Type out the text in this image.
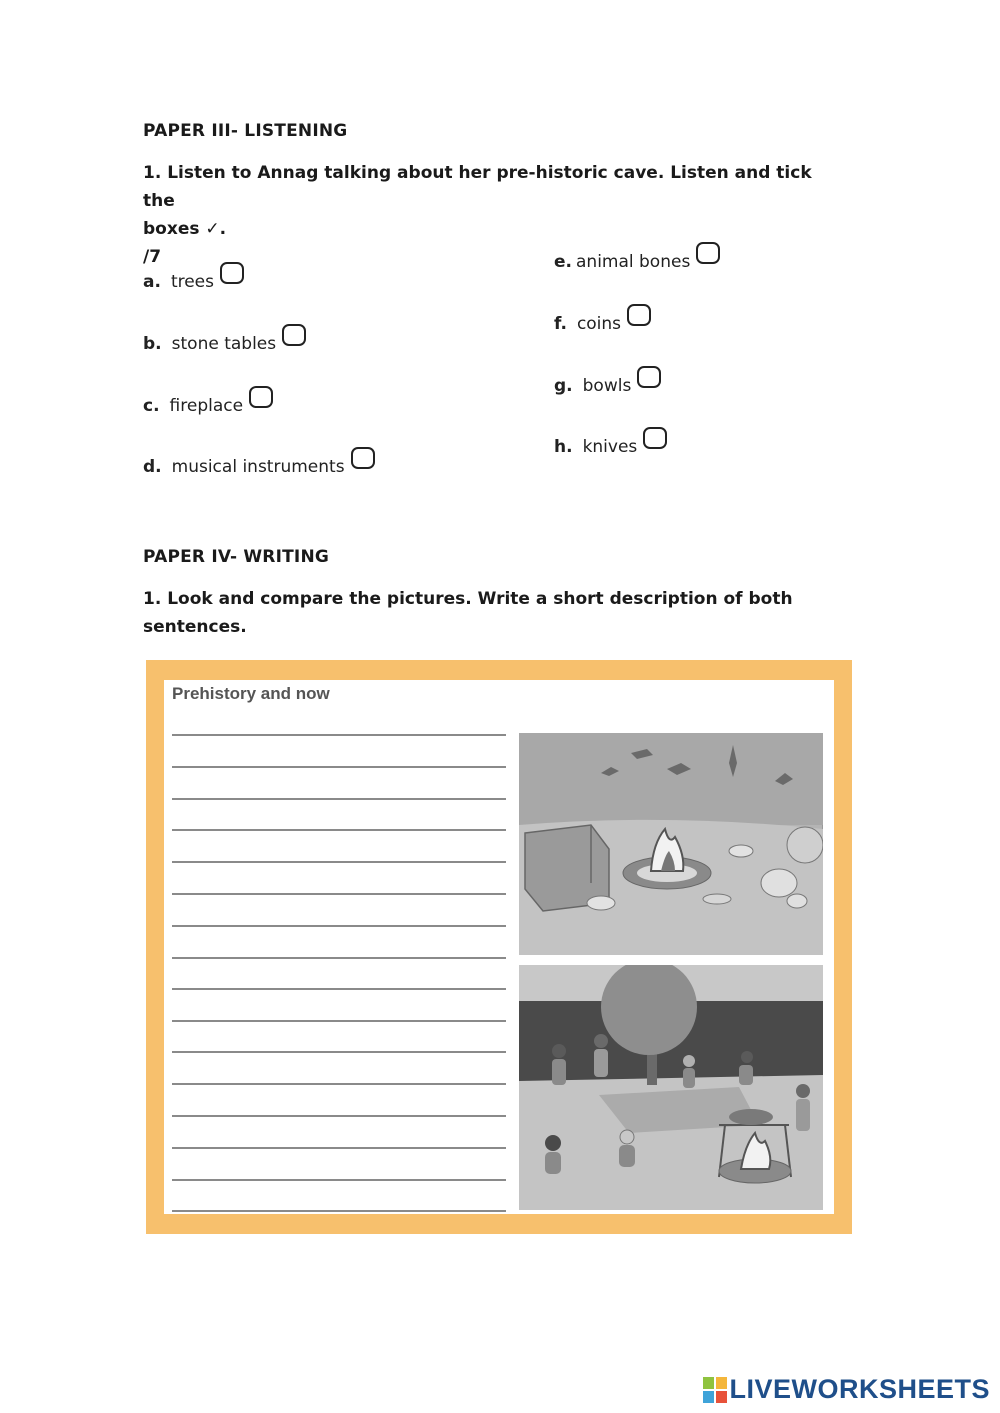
PAPER III- LISTENING
1. Listen to Annag talking about her pre-historic cave. Listen and tick the
boxes ✓.
/7
a. trees
b. stone tables
c. fireplace
d. musical instruments
e. animal bones
f. coins
g. bowls
h. knives
PAPER IV- WRITING
1. Look and compare the pictures. Write a short description of both
sentences.
Prehistory and now
LIVEWORKSHEETS
